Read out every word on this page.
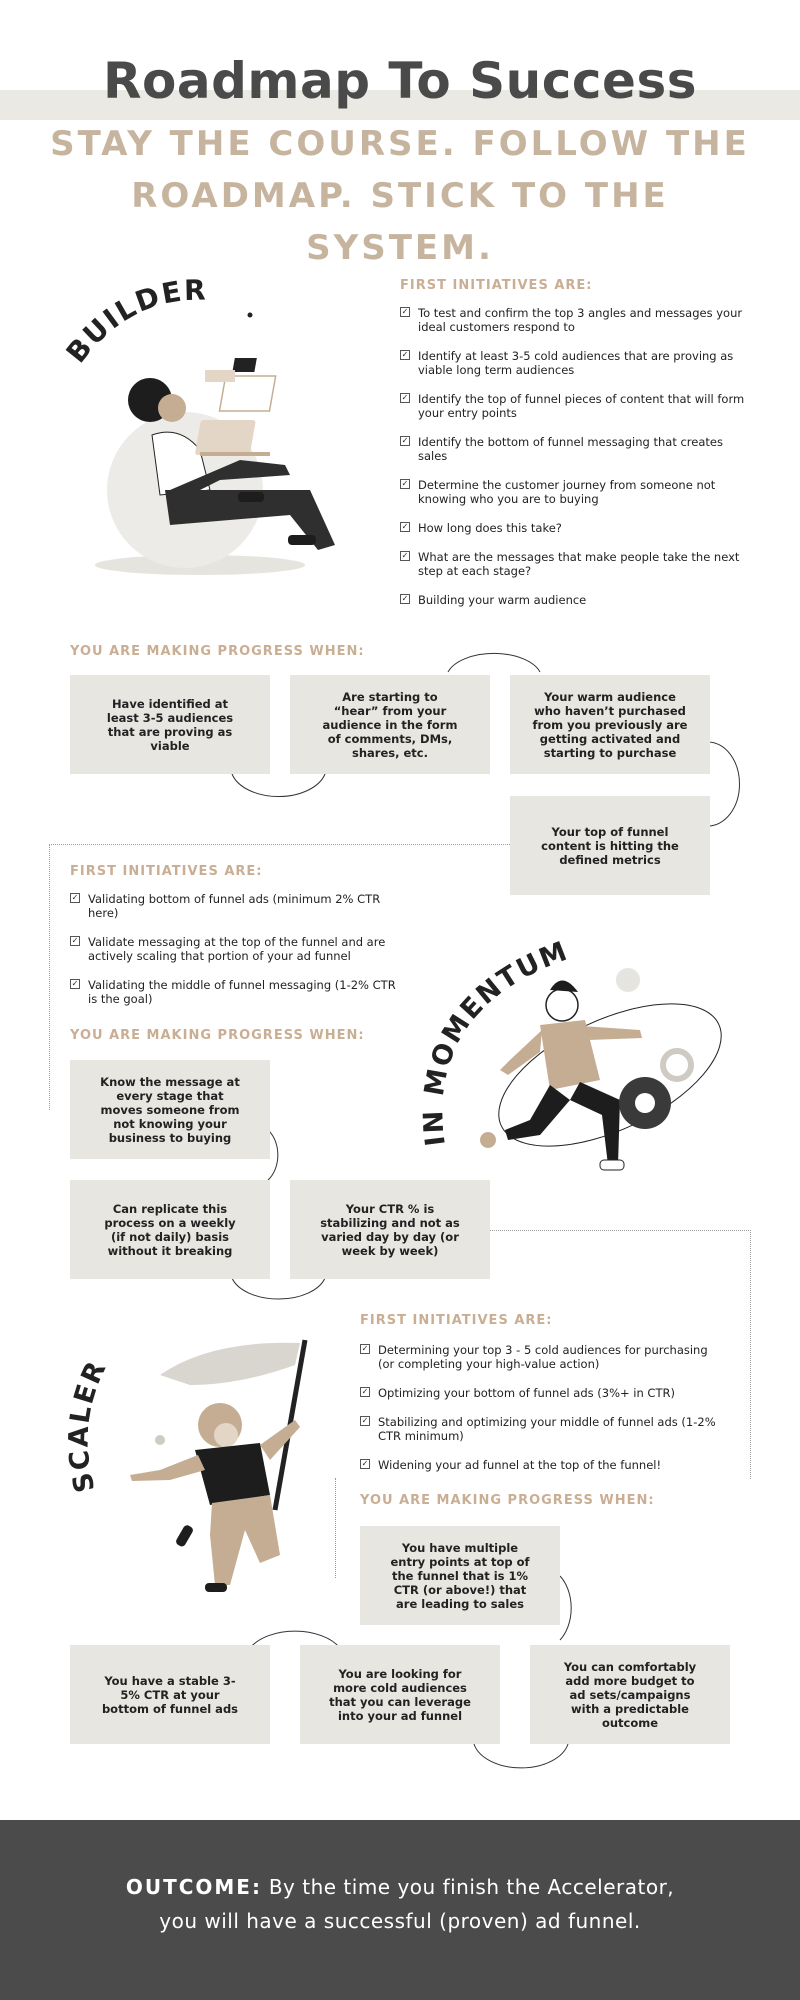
Roadmap To Success
STAY THE COURSE. FOLLOW THE ROADMAP. STICK TO THE SYSTEM.
BUILDER	FIRST INITIATIVES ARE:
✓ To test and confirm the top 3 angles and messages your ideal customers respond to
✓ Identify at least 3-5 cold audiences that are proving as viable long term audiences
✓ Identify the top of funnel pieces of content that will form your entry points
✓ Identify the bottom of funnel messaging that creates sales
✓ Determine the customer journey from someone not knowing who you are to buying
✓ How long does this take?
✓ What are the messages that make people take the next step at each stage?
✓ Building your warm audience
YOU ARE MAKING PROGRESS WHEN:
Have identified at least 3-5 audiences that are proving as viable
Are starting to “hear” from your audience in the form of comments, DMs, shares, etc.
Your warm audience who haven’t purchased from you previously are getting activated and starting to purchase
Your top of funnel content is hitting the defined metrics
FIRST INITIATIVES ARE:
✓ Validating bottom of funnel ads (minimum 2% CTR here)
✓ Validate messaging at the top of the funnel and are actively scaling that portion of your ad funnel
✓ Validating the middle of funnel messaging (1-2% CTR is the goal)
YOU ARE MAKING PROGRESS WHEN:
Know the message at every stage that moves someone from not knowing your business to buying
Can replicate this process on a weekly (if not daily) basis without it breaking
Your CTR % is stabilizing and not as varied day by day (or week by week)
IN MOMENTUM
FIRST INITIATIVES ARE:
✓ Determining your top 3 - 5 cold audiences for purchasing (or completing your high-value action)
✓ Optimizing your bottom of funnel ads (3%+ in CTR)
✓ Stabilizing and optimizing your middle of funnel ads (1-2% CTR minimum)
✓ Widening your ad funnel at the top of the funnel!
YOU ARE MAKING PROGRESS WHEN:
You have multiple entry points at top of the funnel that is 1% CTR (or above!) that are leading to sales
SCALER
You have a stable 3-5% CTR at your bottom of funnel ads
You are looking for more cold audiences that you can leverage into your ad funnel
You can comfortably add more budget to ad sets/campaigns with a predictable outcome
OUTCOME: By the time you finish the Accelerator,
you will have a successful (proven) ad funnel.
